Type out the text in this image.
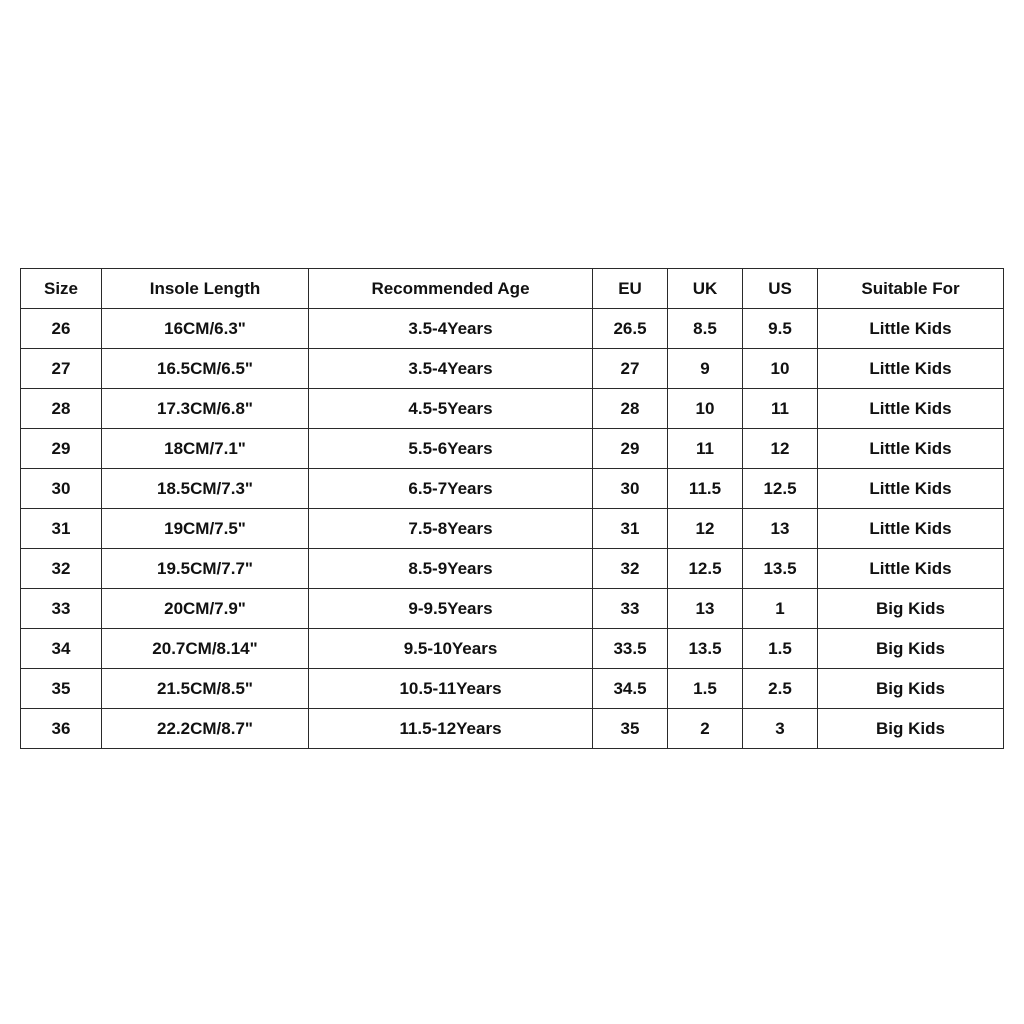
Size	Insole Length	Recommended Age	EU	UK	US	Suitable For
26	16CM/6.3"	3.5-4Years	26.5	8.5	9.5	Little Kids
27	16.5CM/6.5"	3.5-4Years	27	9	10	Little Kids
28	17.3CM/6.8"	4.5-5Years	28	10	11	Little Kids
29	18CM/7.1"	5.5-6Years	29	11	12	Little Kids
30	18.5CM/7.3"	6.5-7Years	30	11.5	12.5	Little Kids
31	19CM/7.5"	7.5-8Years	31	12	13	Little Kids
32	19.5CM/7.7"	8.5-9Years	32	12.5	13.5	Little Kids
33	20CM/7.9"	9-9.5Years	33	13	1	Big Kids
34	20.7CM/8.14"	9.5-10Years	33.5	13.5	1.5	Big Kids
35	21.5CM/8.5"	10.5-11Years	34.5	1.5	2.5	Big Kids
36	22.2CM/8.7"	11.5-12Years	35	2	3	Big Kids
